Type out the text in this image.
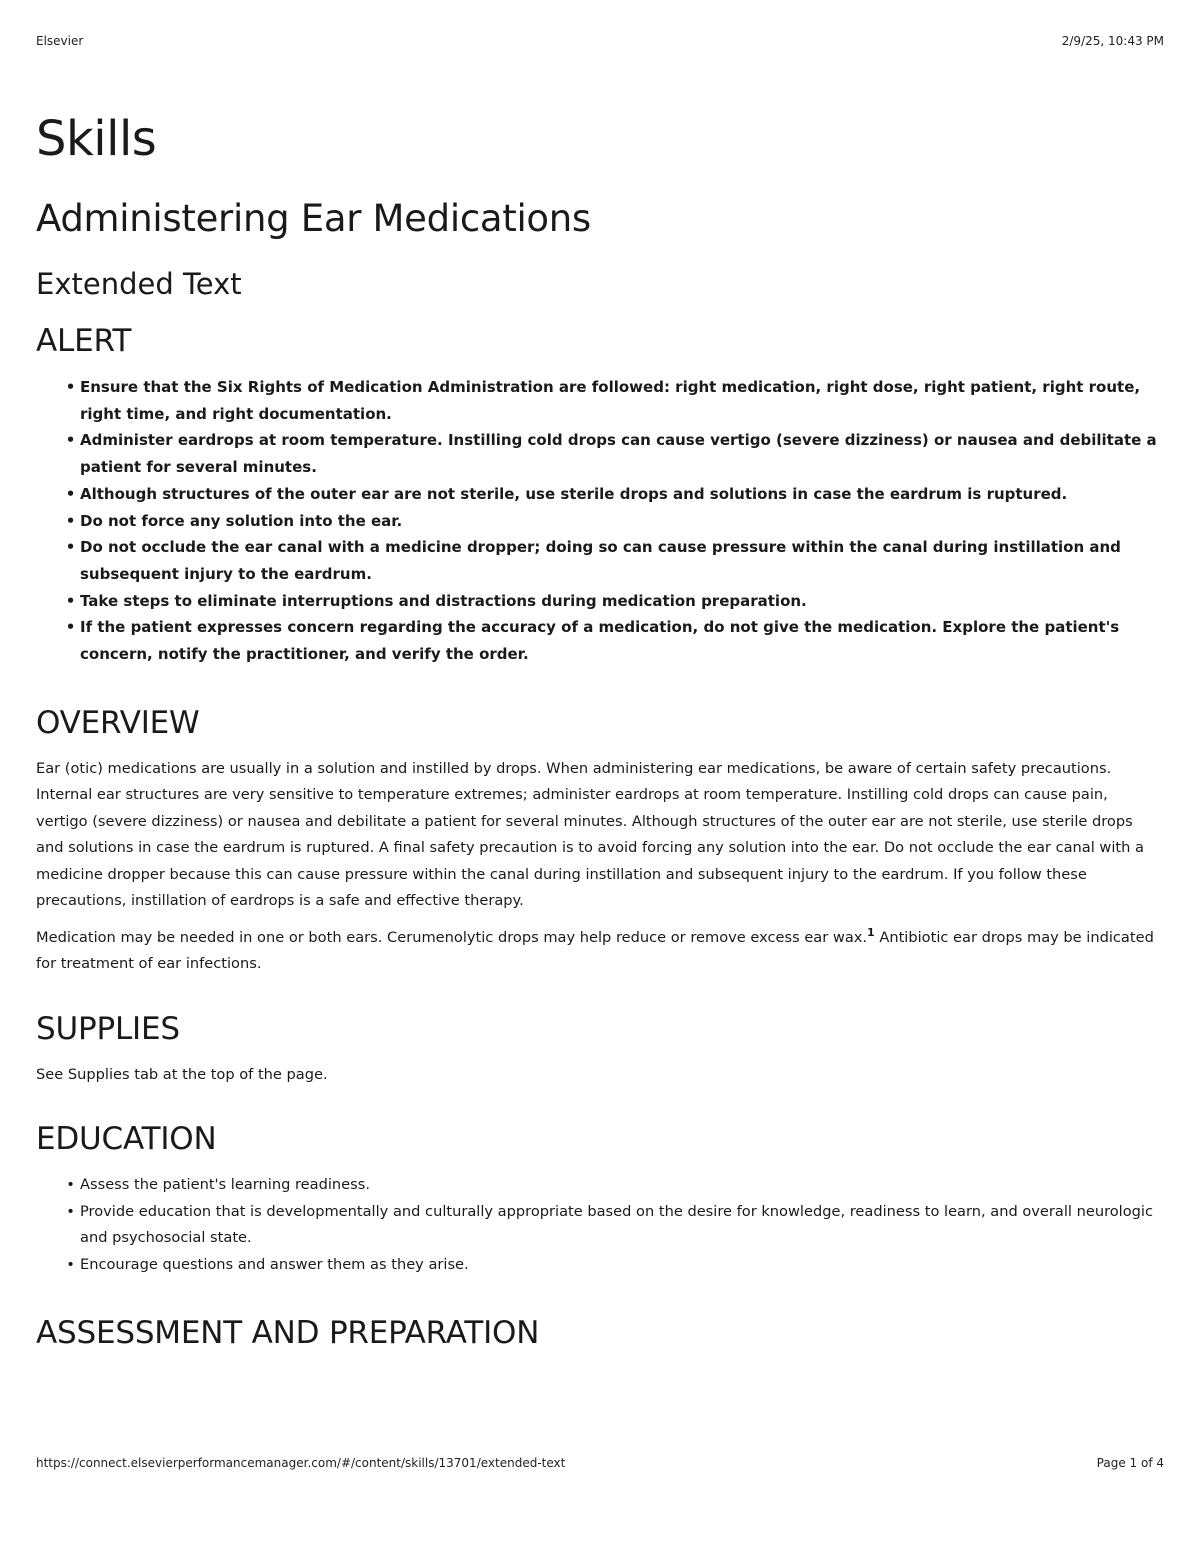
Elsevier	2/9/25, 10:43 PM
Skills
Administering Ear Medications
Extended Text
ALERT
• Ensure that the Six Rights of Medication Administration are followed: right medication, right dose, right patient, right route, right time, and right documentation.
• Administer eardrops at room temperature. Instilling cold drops can cause vertigo (severe dizziness) or nausea and debilitate a patient for several minutes.
• Although structures of the outer ear are not sterile, use sterile drops and solutions in case the eardrum is ruptured.
• Do not force any solution into the ear.
• Do not occlude the ear canal with a medicine dropper; doing so can cause pressure within the canal during instillation and subsequent injury to the eardrum.
• Take steps to eliminate interruptions and distractions during medication preparation.
• If the patient expresses concern regarding the accuracy of a medication, do not give the medication. Explore the patient's concern, notify the practitioner, and verify the order.
OVERVIEW

Ear (otic) medications are usually in a solution and instilled by drops. When administering ear medications, be aware of certain safety precautions. Internal ear structures are very sensitive to temperature extremes; administer eardrops at room temperature. Instilling cold drops can cause pain, vertigo (severe dizziness) or nausea and debilitate a patient for several minutes. Although structures of the outer ear are not sterile, use sterile drops and solutions in case the eardrum is ruptured. A final safety precaution is to avoid forcing any solution into the ear. Do not occlude the ear canal with a medicine dropper because this can cause pressure within the canal during instillation and subsequent injury to the eardrum. If you follow these precautions, instillation of eardrops is a safe and effective therapy.

Medication may be needed in one or both ears. Cerumenolytic drops may help reduce or remove excess ear wax.$^1$ Antibiotic ear drops may be indicated for treatment of ear infections.

SUPPLIES

See Supplies tab at the top of the page.

EDUCATION
• Assess the patient's learning readiness.
• Provide education that is developmentally and culturally appropriate based on the desire for knowledge, readiness to learn, and overall neurologic and psychosocial state.
• Encourage questions and answer them as they arise.
ASSESSMENT AND PREPARATION
https://connect.elsevierperformancemanager.com/#/content/skills/13701/extended-text	Page 1 of 4
